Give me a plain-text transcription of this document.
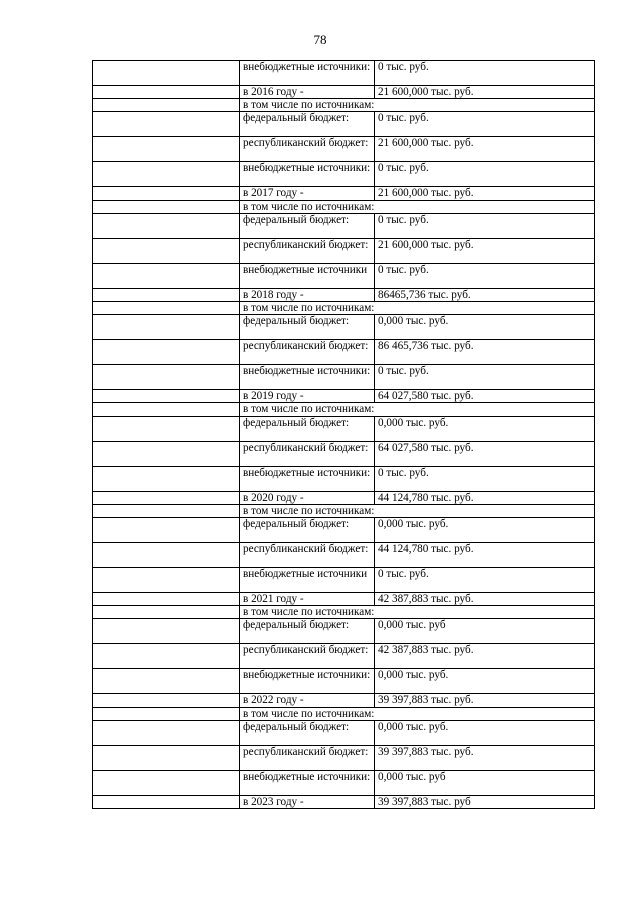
78
	внебюджетные источники:	0 тыс. руб.
	в 2016 году -	21 600,000 тыс. руб.
	в том числе по источникам:	
	федеральный бюджет:	0 тыс. руб.
	республиканский бюджет:	21 600,000 тыс. руб.
	внебюджетные источники:	0 тыс. руб.
	в 2017 году -	21 600,000 тыс. руб.
	в том числе по источникам:	
	федеральный бюджет:	0 тыс. руб.
	республиканский бюджет:	21 600,000 тыс. руб.
	внебюджетные источники	0 тыс. руб.
	в 2018 году -	86465,736 тыс. руб.
	в том числе по источникам:	
	федеральный бюджет:	0,000 тыс. руб.
	республиканский бюджет:	86 465,736 тыс. руб.
	внебюджетные источники:	0 тыс. руб.
	в 2019 году -	64 027,580 тыс. руб.
	в том числе по источникам:	
	федеральный бюджет:	0,000 тыс. руб.
	республиканский бюджет:	64 027,580 тыс. руб.
	внебюджетные источники:	0 тыс. руб.
	в 2020 году -	44 124,780 тыс. руб.
	в том числе по источникам:	
	федеральный бюджет:	0,000 тыс. руб.
	республиканский бюджет:	44 124,780 тыс. руб.
	внебюджетные источники	0 тыс. руб.
	в 2021 году -	42 387,883 тыс. руб.
	в том числе по источникам:	
	федеральный бюджет:	0,000 тыс. руб
	республиканский бюджет:	42 387,883 тыс. руб.
	внебюджетные источники:	0,000 тыс. руб.
	в 2022 году -	39 397,883 тыс. руб.
	в том числе по источникам:	
	федеральный бюджет:	0,000 тыс. руб.
	республиканский бюджет:	39 397,883 тыс. руб.
	внебюджетные источники:	0,000 тыс. руб
	в 2023 году -	39 397,883 тыс. руб
